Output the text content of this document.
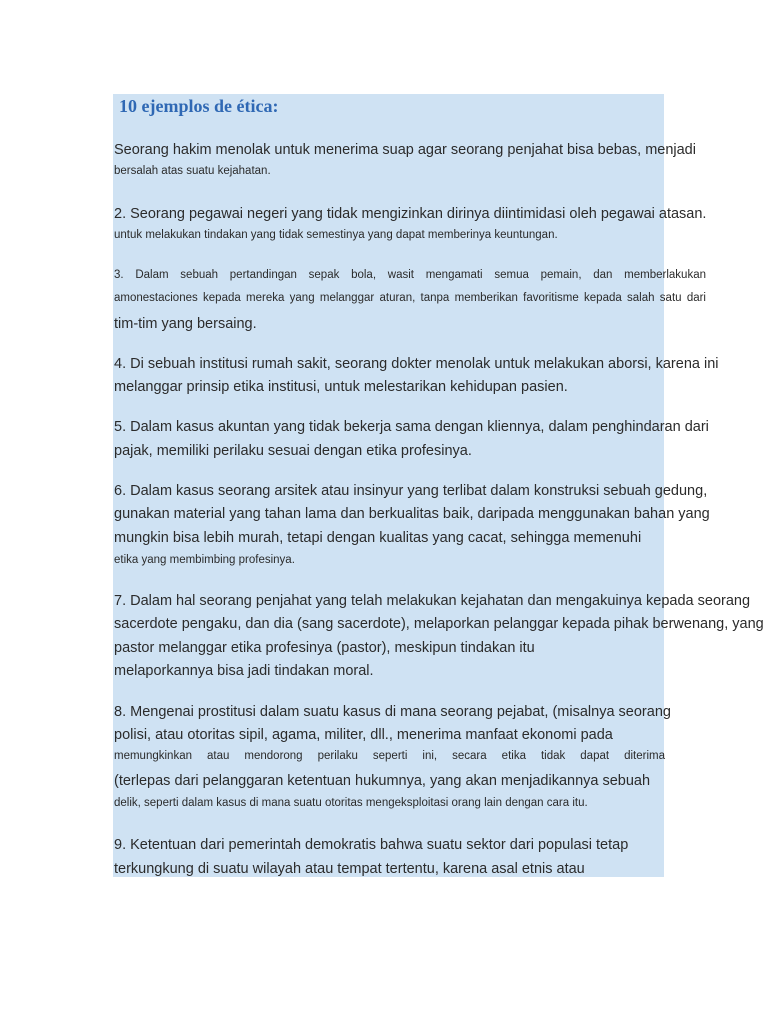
10 ejemplos de ética:
Seorang hakim menolak untuk menerima suap agar seorang penjahat bisa bebas, menjadi
bersalah atas suatu kejahatan.
2. Seorang pegawai negeri yang tidak mengizinkan dirinya diintimidasi oleh pegawai atasan.
untuk melakukan tindakan yang tidak semestinya yang dapat memberinya keuntungan.
3. Dalam sebuah pertandingan sepak bola, wasit mengamati semua pemain, dan memberlakukan
amonestaciones kepada mereka yang melanggar aturan, tanpa memberikan favoritisme kepada salah satu dari
tim-tim yang bersaing.
4. Di sebuah institusi rumah sakit, seorang dokter menolak untuk melakukan aborsi, karena ini
melanggar prinsip etika institusi, untuk melestarikan kehidupan pasien.
5. Dalam kasus akuntan yang tidak bekerja sama dengan kliennya, dalam penghindaran dari
pajak, memiliki perilaku sesuai dengan etika profesinya.
6. Dalam kasus seorang arsitek atau insinyur yang terlibat dalam konstruksi sebuah gedung,
gunakan material yang tahan lama dan berkualitas baik, daripada menggunakan bahan yang
mungkin bisa lebih murah, tetapi dengan kualitas yang cacat, sehingga memenuhi
etika yang membimbing profesinya.
7. Dalam hal seorang penjahat yang telah melakukan kejahatan dan mengakuinya kepada seorang
sacerdote pengaku, dan dia (sang sacerdote), melaporkan pelanggar kepada pihak berwenang, yang
pastor melanggar etika profesinya (pastor), meskipun tindakan itu
melaporkannya bisa jadi tindakan moral.
8. Mengenai prostitusi dalam suatu kasus di mana seorang pejabat, (misalnya seorang
polisi, atau otoritas sipil, agama, militer, dll., menerima manfaat ekonomi pada
memungkinkan atau mendorong perilaku seperti ini, secara etika tidak dapat diterima
(terlepas dari pelanggaran ketentuan hukumnya, yang akan menjadikannya sebuah
delik, seperti dalam kasus di mana suatu otoritas mengeksploitasi orang lain dengan cara itu.
9. Ketentuan dari pemerintah demokratis bahwa suatu sektor dari populasi tetap
terkungkung di suatu wilayah atau tempat tertentu, karena asal etnis atau
